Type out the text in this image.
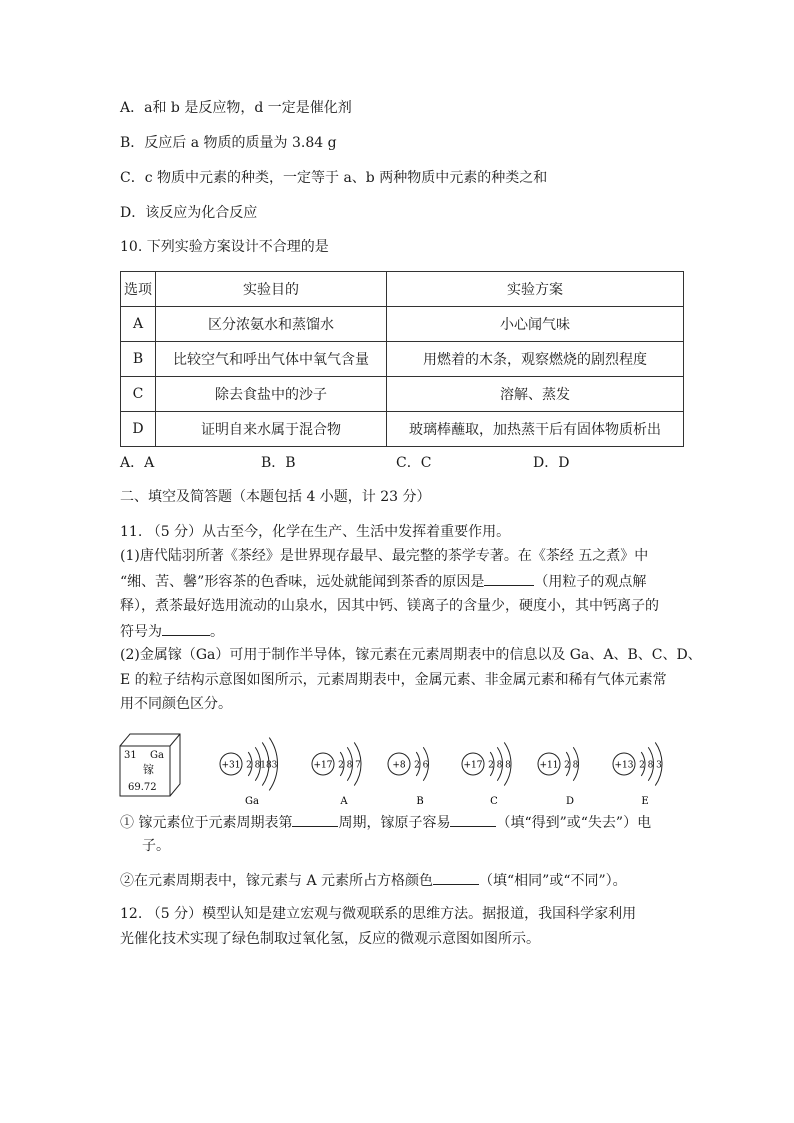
A．a和 b 是反应物，d 一定是催化剂
B．反应后 a 物质的质量为 3.84 g
C．c 物质中元素的种类，一定等于 a、b 两种物质中元素的种类之和
D．该反应为化合反应
10. 下列实验方案设计不合理的是
选项	实验目的	实验方案
A	区分浓氨水和蒸馏水	小心闻气味
B	比较空气和呼出气体中氧气含量	用燃着的木条，观察燃烧的剧烈程度
C	除去食盐中的沙子	溶解、蒸发
D	证明自来水属于混合物	玻璃棒蘸取，加热蒸干后有固体物质析出
A．A	B．B	C．C	D．D
二、填空及简答题（本题包括 4 小题，计 23 分）
11. （5 分）从古至今，化学在生产、生活中发挥着重要作用。
(1)唐代陆羽所著《茶经》是世界现存最早、最完整的茶学专著。在《茶经 五之煮》中
“缃、苦、馨”形容茶的色香味，远处就能闻到茶香的原因是	（用粒子的观点解
释），煮茶最好选用流动的山泉水，因其中钙、镁离子的含量少，硬度小，其中钙离子的
符号为	。
(2)金属镓（Ga）可用于制作半导体，镓元素在元素周期表中的信息以及 Ga、A、B、C、D、
E 的粒子结构示意图如图所示，元素周期表中，金属元素、非金属元素和稀有气体元素常
用不同颜色区分。
31 Ga
镓
69.72
+31 2 8 18 3
Ga
+17 2 8 7
A
+8 2 6
B
+17 2 8 8
C
+11 2 8
D
+13 2 8 3
E
① 镓元素位于元素周期表第	周期，镓原子容易	（填“得到”或“失去”）电
子。
②在元素周期表中，镓元素与 A 元素所占方格颜色	（填“相同”或“不同”）。
12. （5 分）模型认知是建立宏观与微观联系的思维方法。据报道，我国科学家利用
光催化技术实现了绿色制取过氧化氢，反应的微观示意图如图所示。
